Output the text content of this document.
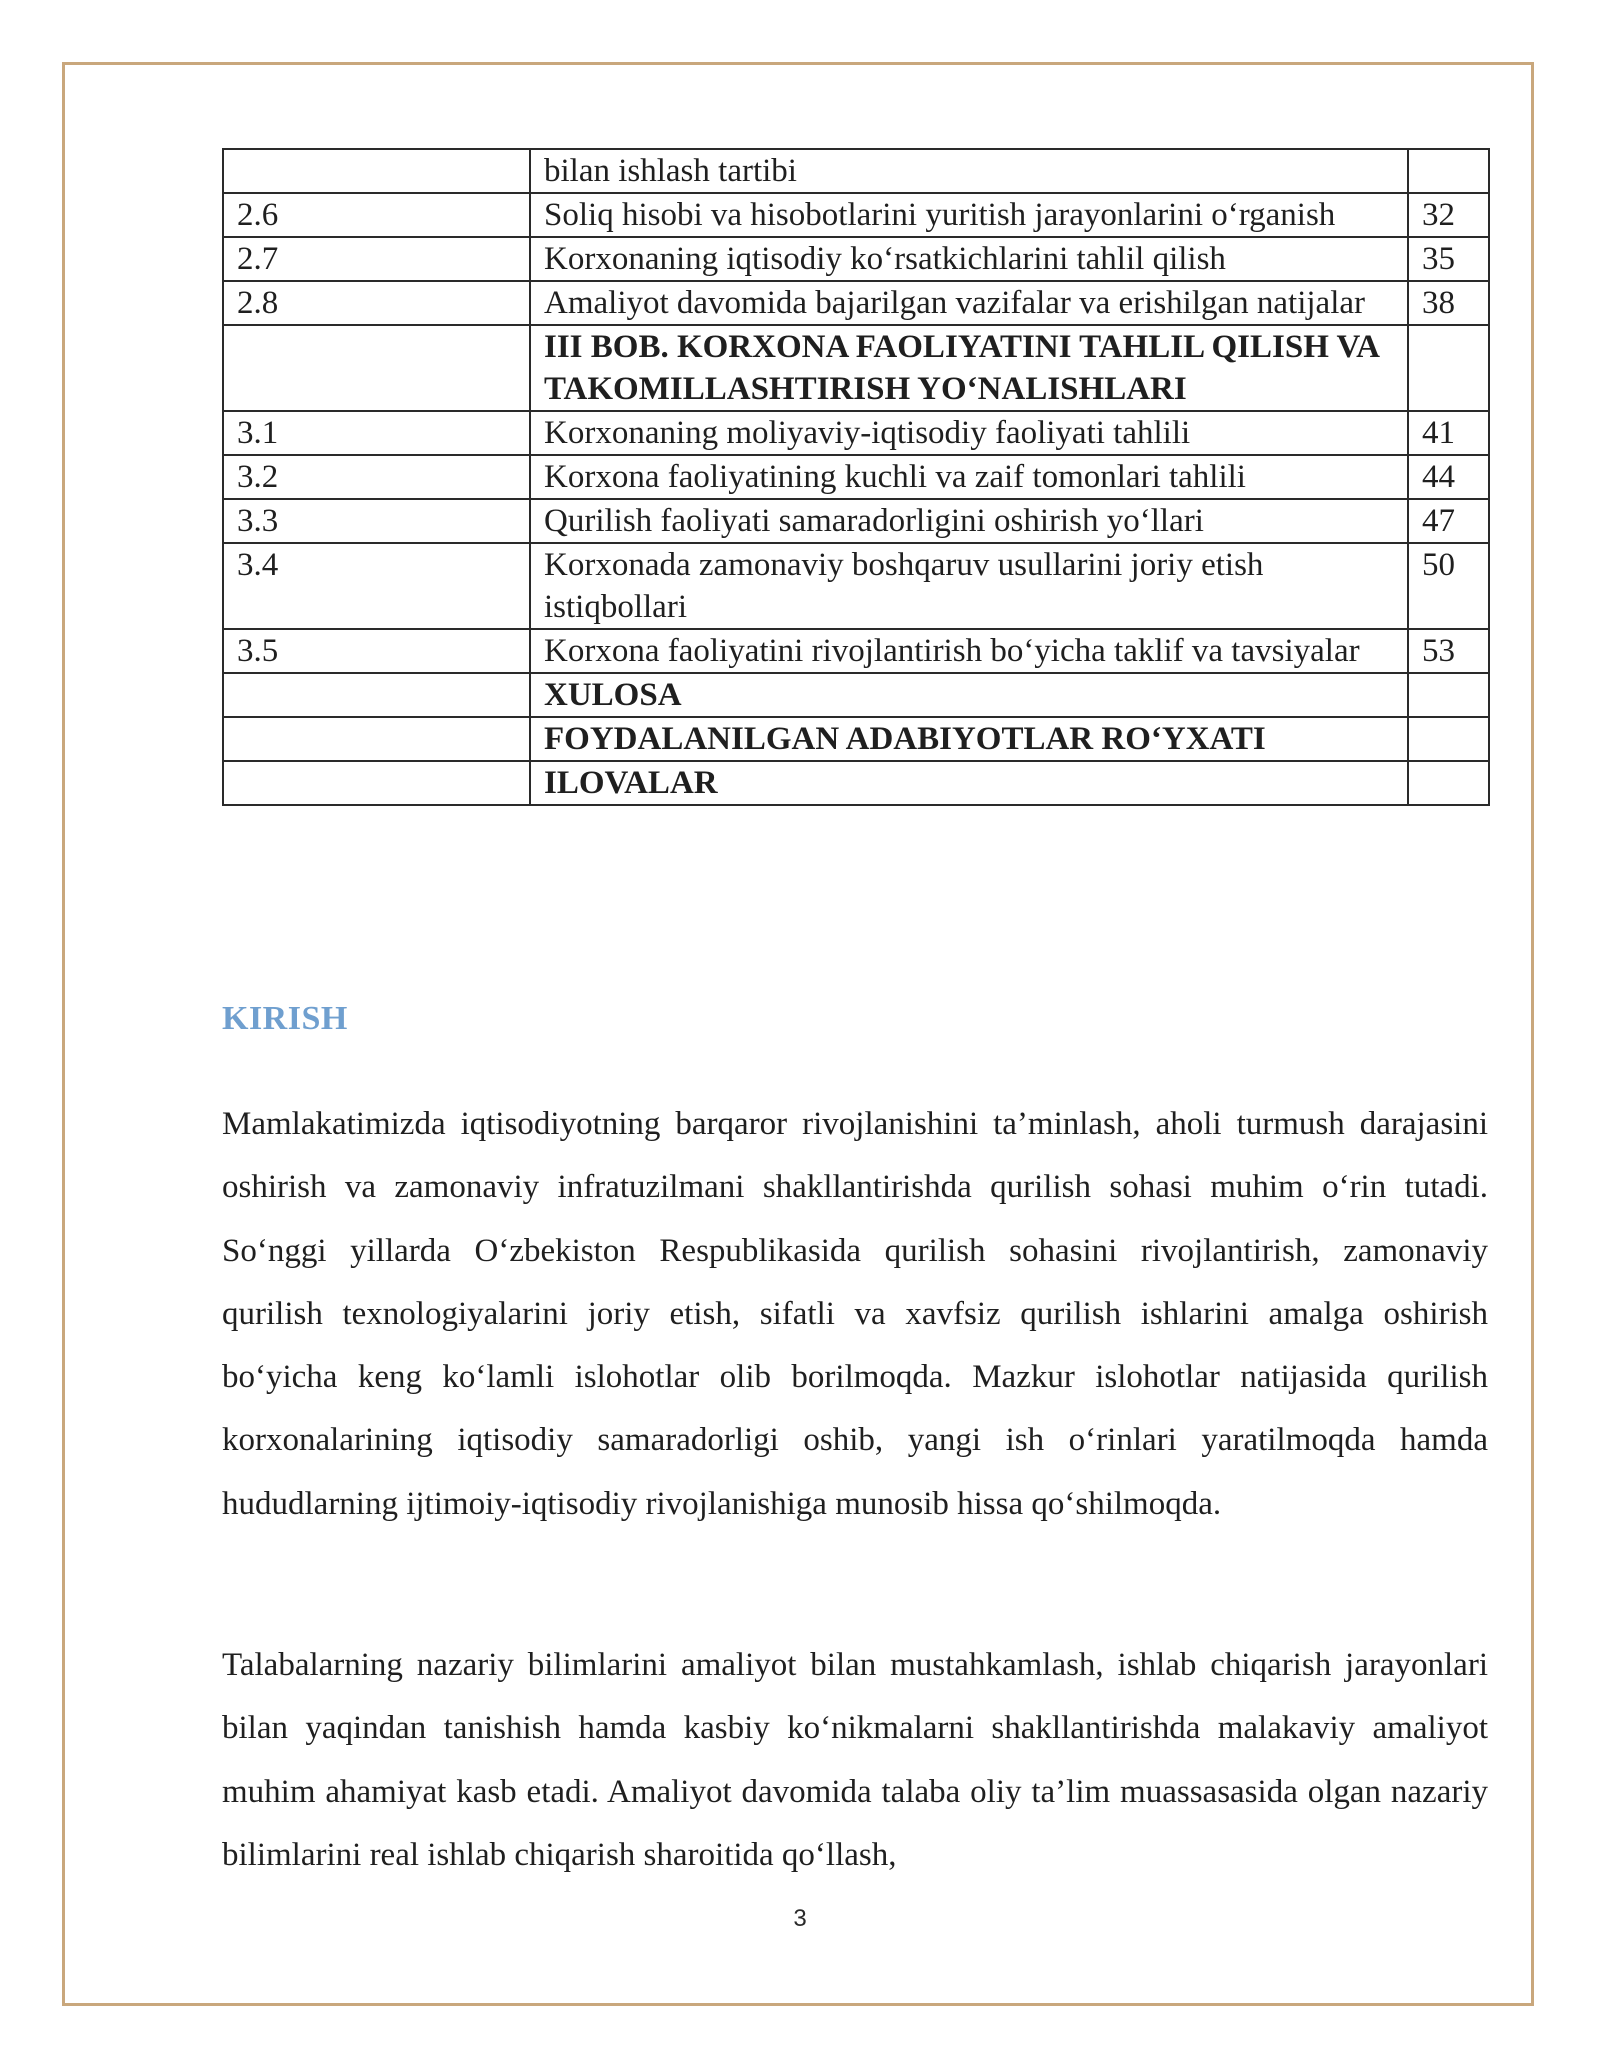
	bilan ishlash tartibi	
2.6	Soliq hisobi va hisobotlarini yuritish jarayonlarini o‘rganish	32
2.7	Korxonaning iqtisodiy ko‘rsatkichlarini tahlil qilish	35
2.8	Amaliyot davomida bajarilgan vazifalar va erishilgan natijalar	38
	III BOB. KORXONA FAOLIYATINI TAHLIL QILISH VA TAKOMILLASHTIRISH YO‘NALISHLARI	
3.1	Korxonaning moliyaviy-iqtisodiy faoliyati tahlili	41
3.2	Korxona faoliyatining kuchli va zaif tomonlari tahlili	44
3.3	Qurilish faoliyati samaradorligini oshirish yo‘llari	47
3.4	Korxonada zamonaviy boshqaruv usullarini joriy etish istiqbollari	50
3.5	Korxona faoliyatini rivojlantirish bo‘yicha taklif va tavsiyalar	53
	XULOSA	
	FOYDALANILGAN ADABIYOTLAR RO‘YXATI	
	ILOVALAR	
KIRISH

Mamlakatimizda iqtisodiyotning barqaror rivojlanishini ta’minlash, aholi turmush darajasini oshirish va zamonaviy infratuzilmani shakllantirishda qurilish sohasi muhim o‘rin tutadi. So‘nggi yillarda O‘zbekiston Respublikasida qurilish sohasini rivojlantirish, zamonaviy qurilish texnologiyalarini joriy etish, sifatli va xavfsiz qurilish ishlarini amalga oshirish bo‘yicha keng ko‘lamli islohotlar olib borilmoqda. Mazkur islohotlar natijasida qurilish korxonalarining iqtisodiy samaradorligi oshib, yangi ish o‘rinlari yaratilmoqda hamda hududlarning ijtimoiy-iqtisodiy rivojlanishiga munosib hissa qo‘shilmoqda.

Talabalarning nazariy bilimlarini amaliyot bilan mustahkamlash, ishlab chiqarish jarayonlari bilan yaqindan tanishish hamda kasbiy ko‘nikmalarni shakllantirishda malakaviy amaliyot muhim ahamiyat kasb etadi. Amaliyot davomida talaba oliy ta’lim muassasasida olgan nazariy bilimlarini real ishlab chiqarish sharoitida qo‘llash,

3
